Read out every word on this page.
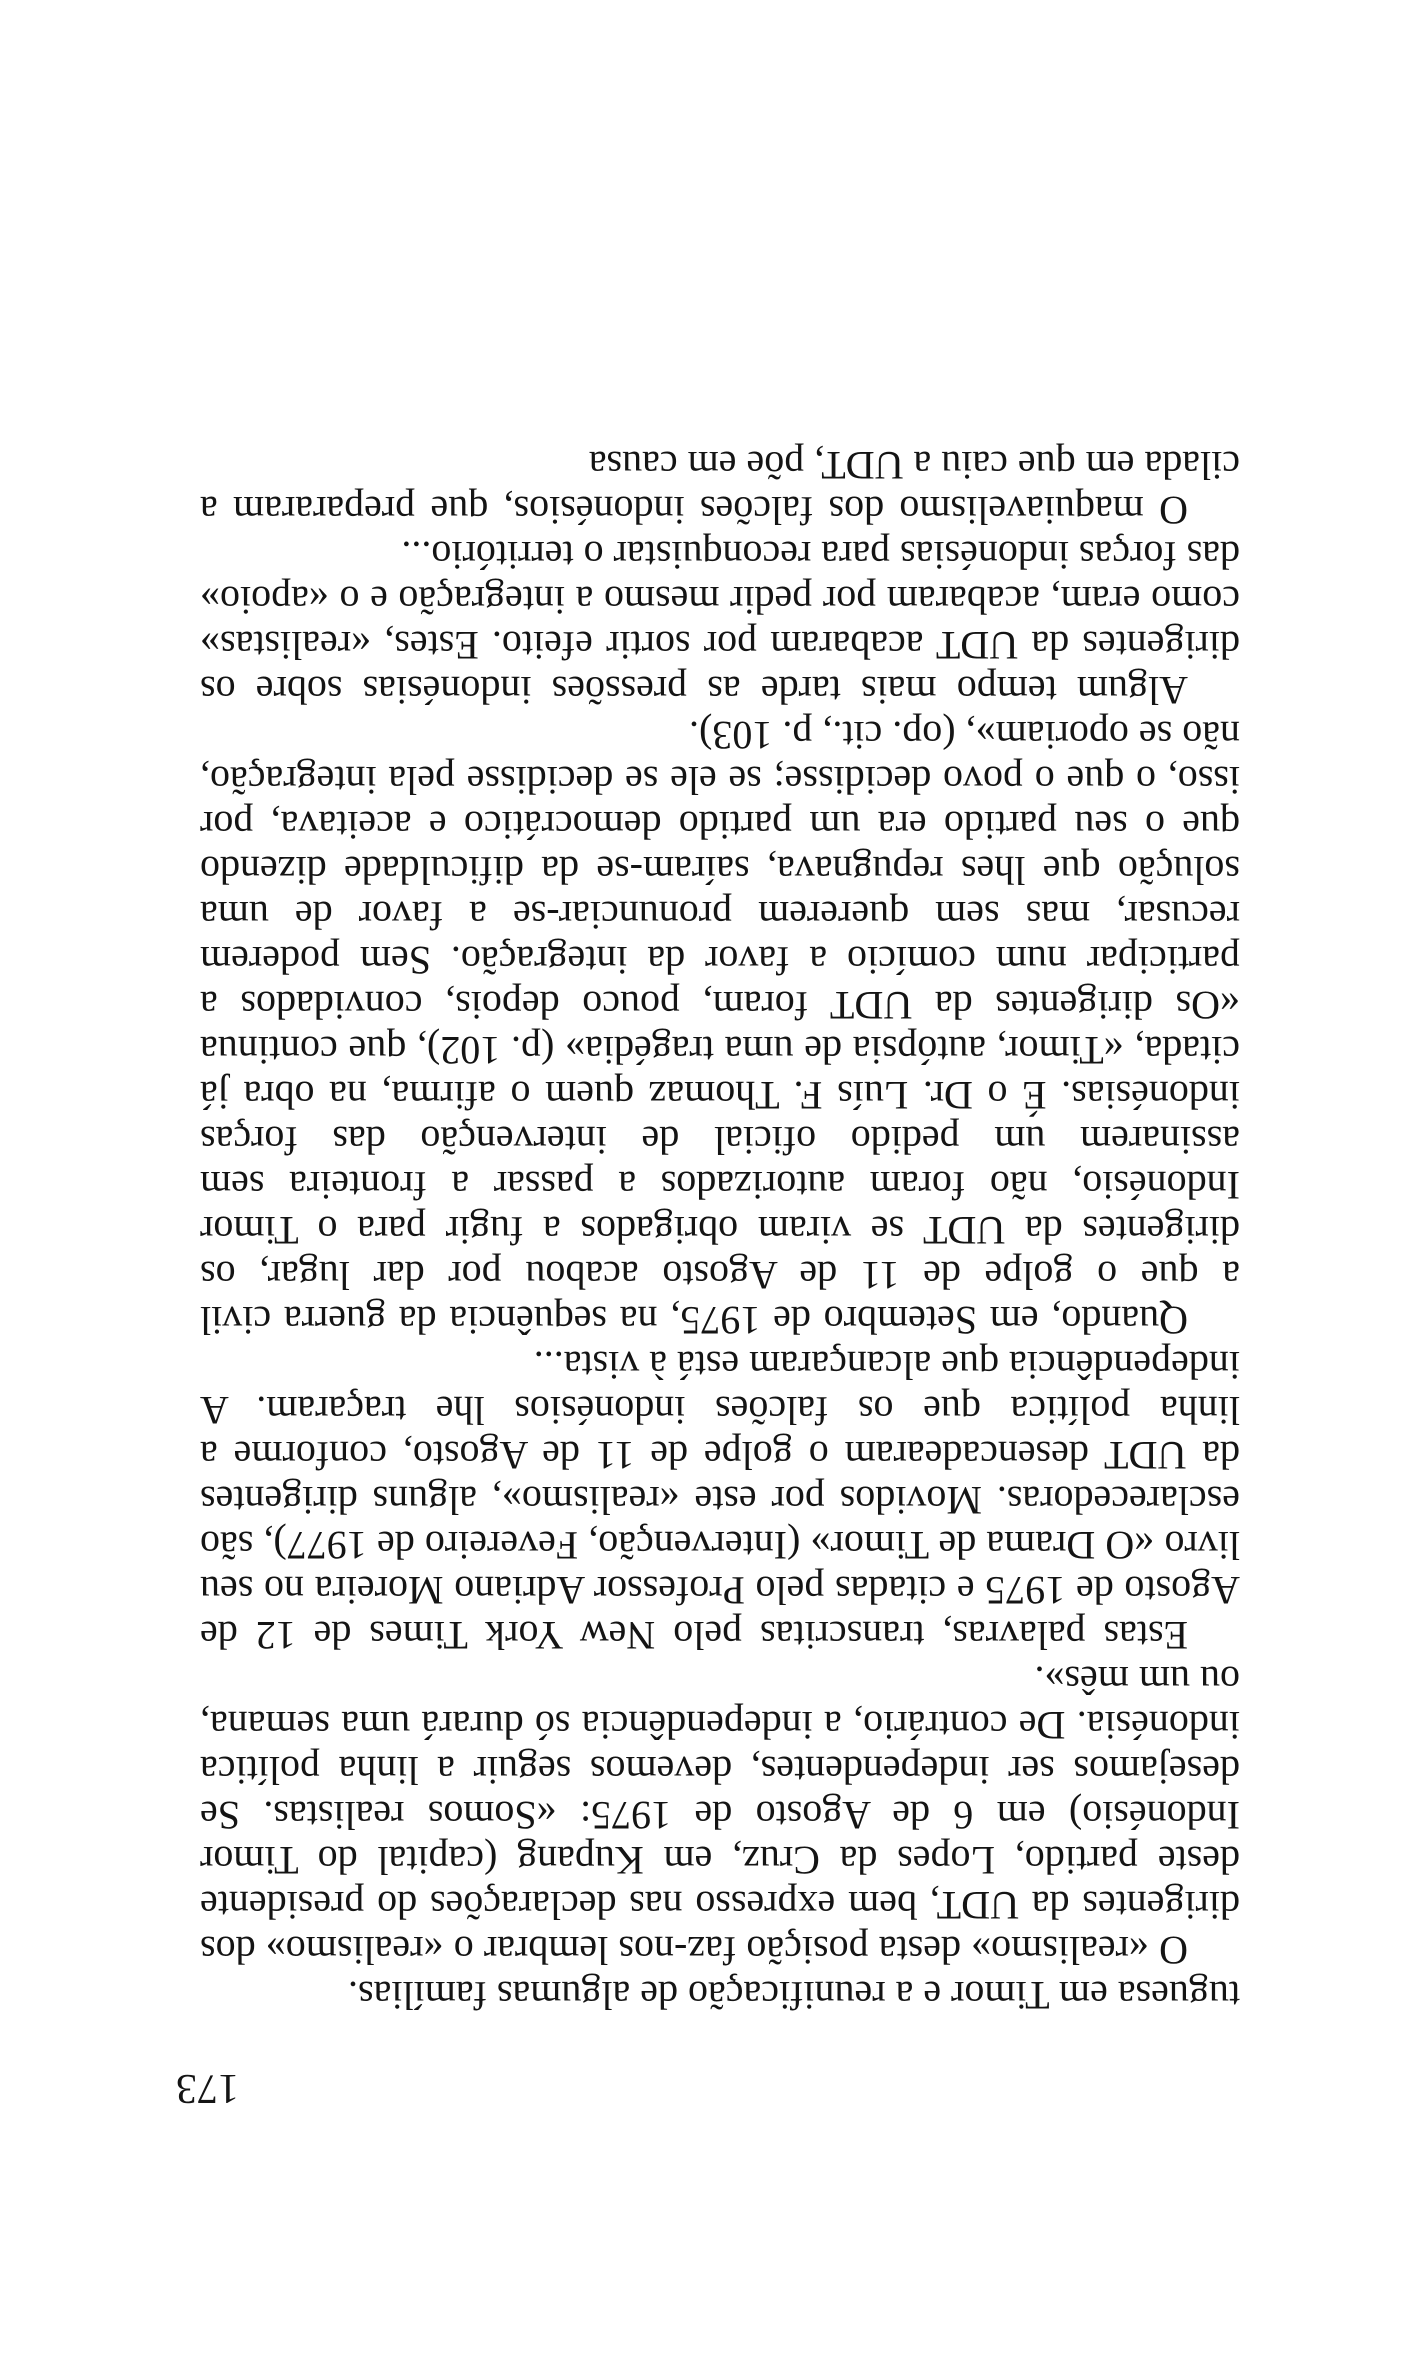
tuguesa em Timor e a reunificação de algumas famílias.

O «realismo» desta posição faz-nos lembrar o «realismo» dos dirigentes da UDT, bem expresso nas declarações do presidente deste partido, Lopes da Cruz, em Kupang (capital do Timor Indonésio) em 6 de Agosto de 1975: «Somos realistas. Se desejamos ser independentes, devemos seguir a linha política indonésia. De contrário, a independência só durará uma semana, ou um mês».

Estas palavras, transcritas pelo New York Times de 12 de Agosto de 1975 e citadas pelo Professor Adriano Moreira no seu livro «O Drama de Timor» (Intervenção, Fevereiro de 1977), são esclarecedoras. Movidos por este «realismo», alguns dirigentes da UDT desencadearam o golpe de 11 de Agosto, conforme a linha política que os falcões indonésios lhe traçaram. A independência que alcançaram está à vista...

Quando, em Setembro de 1975, na sequência da guerra civil a que o golpe de 11 de Agosto acabou por dar lugar, os dirigentes da UDT se viram obrigados a fugir para o Timor Indonésio, não foram autorizados a passar a fronteira sem assinarem um pedido oficial de intervenção das forças indonésias. É o Dr. Luís F. Thomaz quem o afirma, na obra já citada, «Timor, autópsia de uma tragédia» (p. 102), que continua «Os dirigentes da UDT foram, pouco depois, convidados a participar num comício a favor da integração. Sem poderem recusar, mas sem quererem pronunciar-se a favor de uma solução que lhes repugnava, saíram-se da dificuldade dizendo que o seu partido era um partido democrático e aceitava, por isso, o que o povo decidisse; se ele se decidisse pela integração, não se oporiam», (op. cit., p. 103).

Algum tempo mais tarde as pressões indonésias sobre os dirigentes da UDT acabaram por sortir efeito. Estes, «realistas» como eram, acabaram por pedir mesmo a integração e o «apoio» das forças indonésias para reconquistar o território...

O maquiavelismo dos falcões indonésios, que prepararam a cilada em que caiu a UDT, põe em causa

173
